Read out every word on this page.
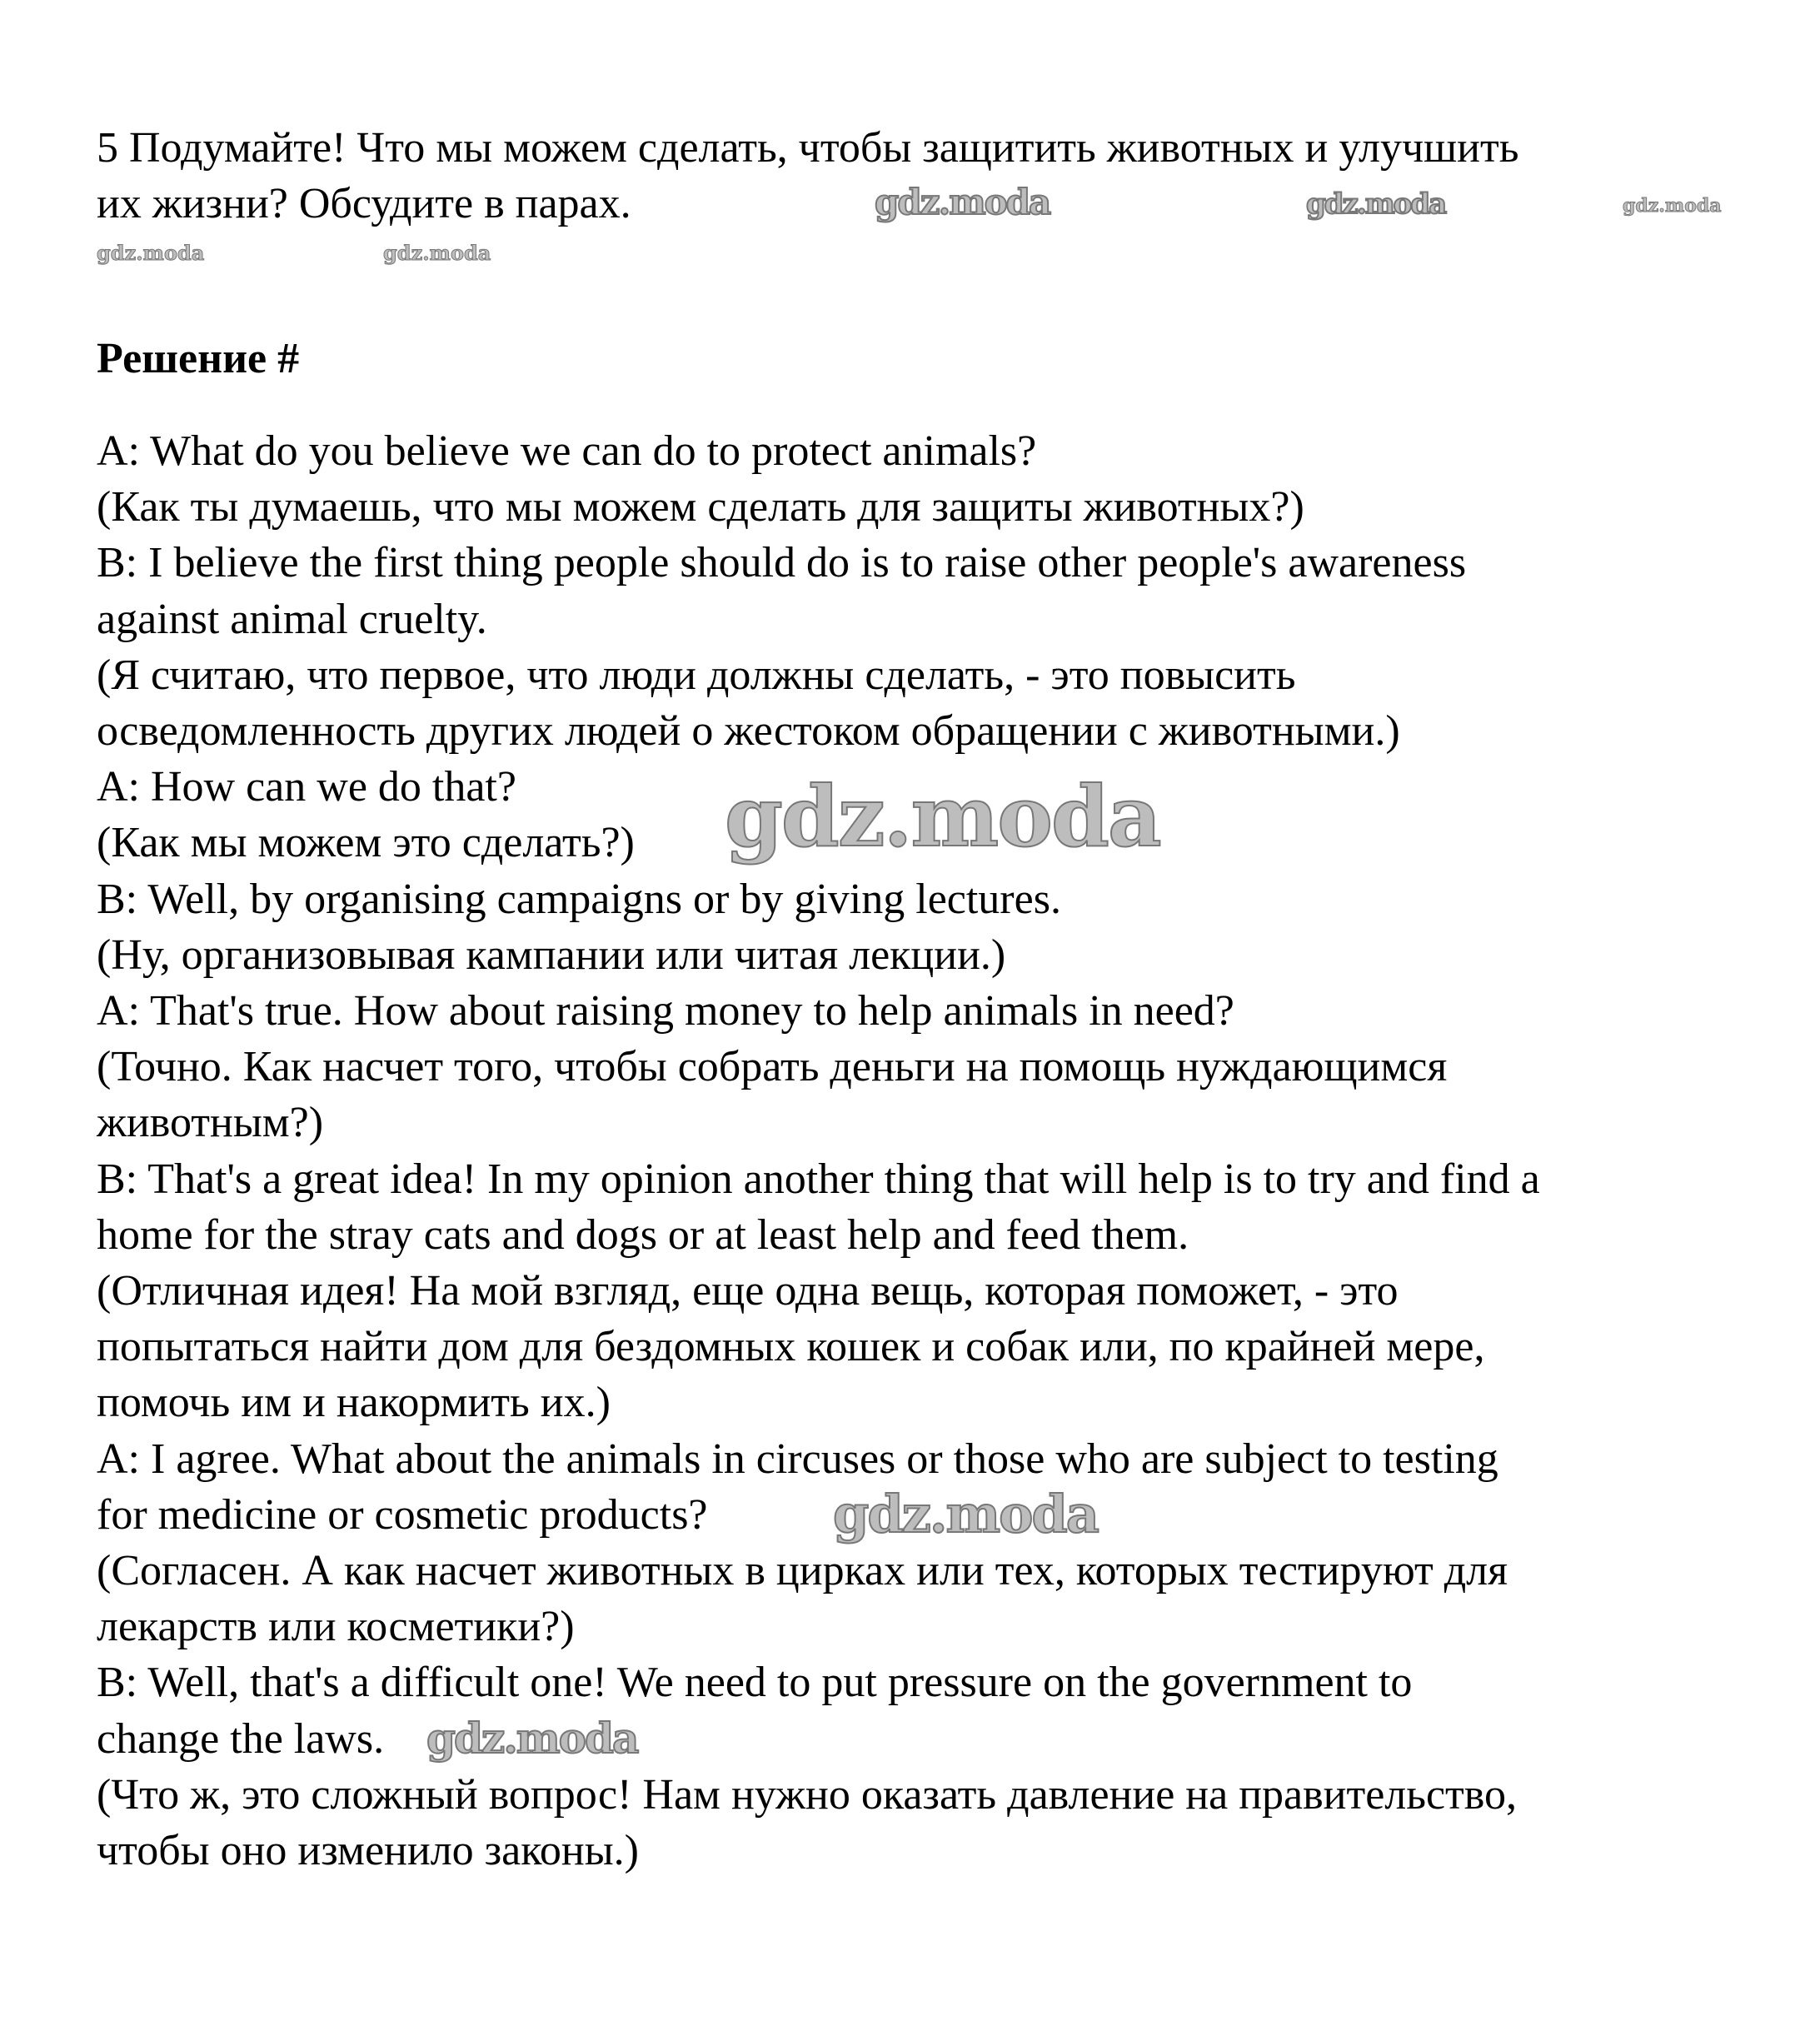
5 Подумайте! Что мы можем сделать, чтобы защитить животных и улучшить
их жизни? Обсудите в парах.
Решение #
A: What do you believe we can do to protect animals?
(Как ты думаешь, что мы можем сделать для защиты животных?)
B: I believe the first thing people should do is to raise other people's awareness
against animal cruelty.
(Я считаю, что первое, что люди должны сделать, - это повысить
осведомленность других людей о жестоком обращении с животными.)
A: How can we do that?
(Как мы можем это сделать?)
B: Well, by organising campaigns or by giving lectures.
(Ну, организовывая кампании или читая лекции.)
A: That's true. How about raising money to help animals in need?
(Точно. Как насчет того, чтобы собрать деньги на помощь нуждающимся
животным?)
B: That's a great idea! In my opinion another thing that will help is to try and find a
home for the stray cats and dogs or at least help and feed them.
(Отличная идея! На мой взгляд, еще одна вещь, которая поможет, - это
попытаться найти дом для бездомных кошек и собак или, по крайней мере,
помочь им и накормить их.)
A: I agree. What about the animals in circuses or those who are subject to testing
for medicine or cosmetic products?
(Согласен. А как насчет животных в цирках или тех, которых тестируют для
лекарств или косметики?)
B: Well, that's a difficult one! We need to put pressure on the government to
change the laws.
(Что ж, это сложный вопрос! Нам нужно оказать давление на правительство,
чтобы оно изменило законы.)
gdz.moda
gdz.moda
gdz.moda
gdz.moda	gdz.moda	gdz.moda
gdz.moda	gdz.moda
